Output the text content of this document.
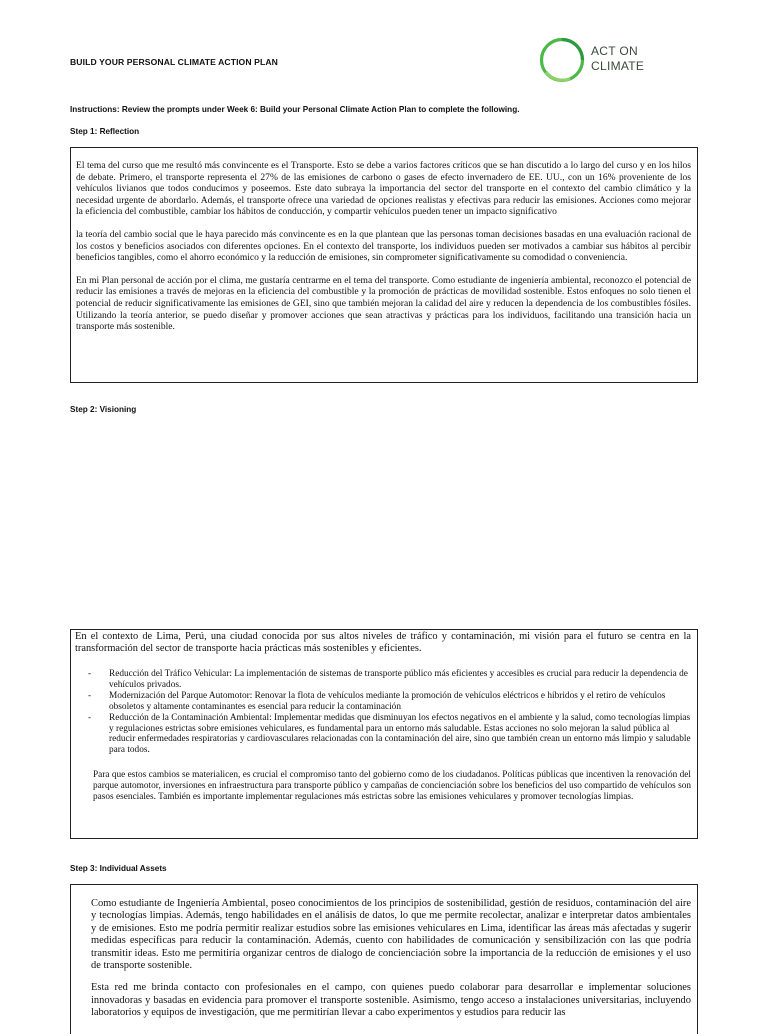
BUILD YOUR PERSONAL CLIMATE ACTION PLAN
ACT ON
CLIMATE
Instructions: Review the prompts under Week 6: Build your Personal Climate Action Plan to complete the following.
Step 1: Reflection

El tema del curso que me resultó más convincente es el Transporte. Esto se debe a varios factores críticos que se han discutido a lo largo del curso y en los hilos de debate. Primero, el transporte representa el 27% de las emisiones de carbono o gases de efecto invernadero de EE. UU., con un 16% proveniente de los vehículos livianos que todos conducimos y poseemos. Este dato subraya la importancia del sector del transporte en el contexto del cambio climático y la necesidad urgente de abordarlo. Además, el transporte ofrece una variedad de opciones realistas y efectivas para reducir las emisiones. Acciones como mejorar la eficiencia del combustible, cambiar los hábitos de conducción, y compartir vehículos pueden tener un impacto significativo

la teoría del cambio social que le haya parecido más convincente es en la que plantean que las personas toman decisiones basadas en una evaluación racional de los costos y beneficios asociados con diferentes opciones. En el contexto del transporte, los individuos pueden ser motivados a cambiar sus hábitos al percibir beneficios tangibles, como el ahorro económico y la reducción de emisiones, sin comprometer significativamente su comodidad o conveniencia.

En mi Plan personal de acción por el clima, me gustaría centrarme en el tema del transporte. Como estudiante de ingeniería ambiental, reconozco el potencial de reducir las emisiones a través de mejoras en la eficiencia del combustible y la promoción de prácticas de movilidad sostenible. Estos enfoques no solo tienen el potencial de reducir significativamente las emisiones de GEI, sino que también mejoran la calidad del aire y reducen la dependencia de los combustibles fósiles. Utilizando la teoría anterior, se puedo diseñar y promover acciones que sean atractivas y prácticas para los individuos, facilitando una transición hacia un transporte más sostenible.

Step 2: Visioning

En el contexto de Lima, Perú, una ciudad conocida por sus altos niveles de tráfico y contaminación, mi visión para el futuro se centra en la transformación del sector de transporte hacia prácticas más sostenibles y eficientes.

- Reducción del Tráfico Vehicular: La implementación de sistemas de transporte público más eficientes y accesibles es crucial para reducir la dependencia de vehículos privados.
- Modernización del Parque Automotor: Renovar la flota de vehículos mediante la promoción de vehículos eléctricos e híbridos y el retiro de vehículos obsoletos y altamente contaminantes es esencial para reducir la contaminación
- Reducción de la Contaminación Ambiental: Implementar medidas que disminuyan los efectos negativos en el ambiente y la salud, como tecnologías limpias y regulaciones estrictas sobre emisiones vehiculares, es fundamental para un entorno más saludable. Estas acciones no solo mejoran la salud pública al reducir enfermedades respiratorias y cardiovasculares relacionadas con la contaminación del aire, sino que también crean un entorno más limpio y saludable para todos.

Para que estos cambios se materialicen, es crucial el compromiso tanto del gobierno como de los ciudadanos. Políticas públicas que incentiven la renovación del parque automotor, inversiones en infraestructura para transporte público y campañas de concienciación sobre los beneficios del uso compartido de vehículos son pasos esenciales. También es importante implementar regulaciones más estrictas sobre las emisiones vehiculares y promover tecnologías limpias.

Step 3: Individual Assets

Como estudiante de Ingeniería Ambiental, poseo conocimientos de los principios de sostenibilidad, gestión de residuos, contaminación del aire y tecnologías limpias. Además, tengo habilidades en el análisis de datos, lo que me permite recolectar, analizar e interpretar datos ambientales y de emisiones. Esto me podría permitir realizar estudios sobre las emisiones vehiculares en Lima, identificar las áreas más afectadas y sugerir medidas específicas para reducir la contaminación. Además, cuento con habilidades de comunicación y sensibilización con las que podría transmitir ideas. Esto me permitiría organizar centros de dialogo de concienciación sobre la importancia de la reducción de emisiones y el uso de transporte sostenible.

Esta red me brinda contacto con profesionales en el campo, con quienes puedo colaborar para desarrollar e implementar soluciones innovadoras y basadas en evidencia para promover el transporte sostenible. Asimismo, tengo acceso a instalaciones universitarias, incluyendo laboratorios y equipos de investigación, que me permitirían llevar a cabo experimentos y estudios para reducir las
